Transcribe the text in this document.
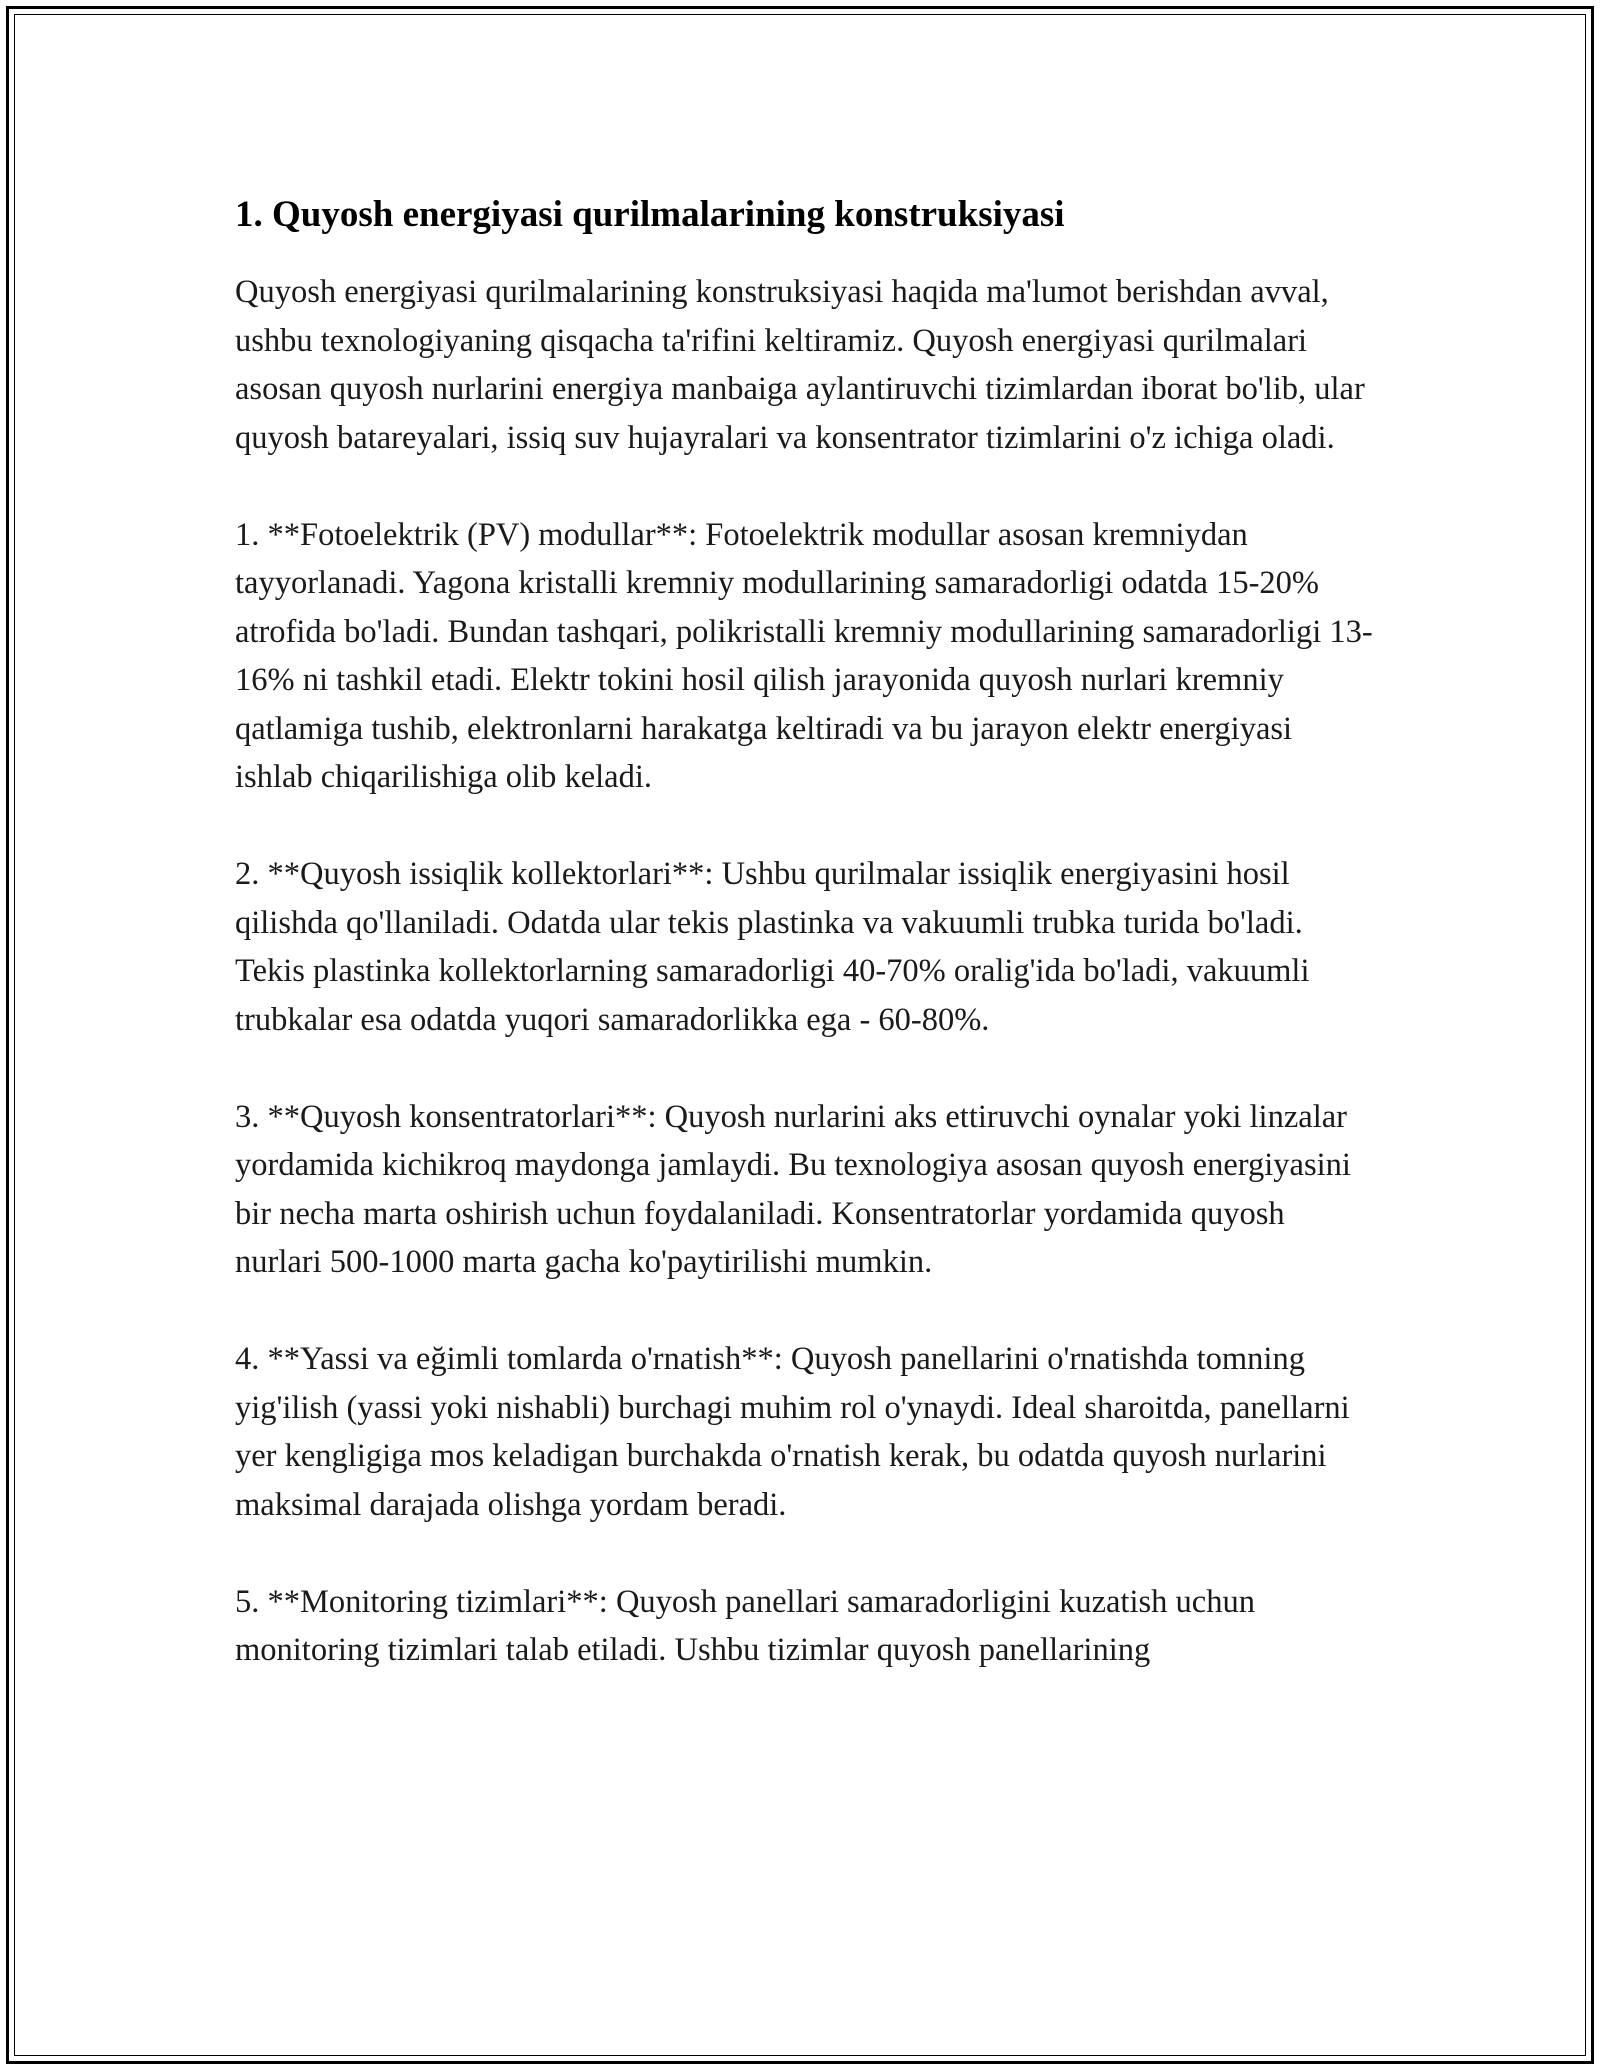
1. Quyosh energiyasi qurilmalarining konstruksiyasi

Quyosh energiyasi qurilmalarining konstruksiyasi haqida ma'lumot berishdan avval, ushbu texnologiyaning qisqacha ta'rifini keltiramiz. Quyosh energiyasi qurilmalari asosan quyosh nurlarini energiya manbaiga aylantiruvchi tizimlardan iborat bo'lib, ular quyosh batareyalari, issiq suv hujayralari va konsentrator tizimlarini o'z ichiga oladi.

1. **Fotoelektrik (PV) modullar**: Fotoelektrik modullar asosan kremniydan tayyorlanadi. Yagona kristalli kremniy modullarining samaradorligi odatda 15-20% atrofida bo'ladi. Bundan tashqari, polikristalli kremniy modullarining samaradorligi 13-16% ni tashkil etadi. Elektr tokini hosil qilish jarayonida quyosh nurlari kremniy qatlamiga tushib, elektronlarni harakatga keltiradi va bu jarayon elektr energiyasi ishlab chiqarilishiga olib keladi.

2. **Quyosh issiqlik kollektorlari**: Ushbu qurilmalar issiqlik energiyasini hosil qilishda qo'llaniladi. Odatda ular tekis plastinka va vakuumli trubka turida bo'ladi. Tekis plastinka kollektorlarning samaradorligi 40-70% oralig'ida bo'ladi, vakuumli trubkalar esa odatda yuqori samaradorlikka ega - 60-80%.

3. **Quyosh konsentratorlari**: Quyosh nurlarini aks ettiruvchi oynalar yoki linzalar yordamida kichikroq maydonga jamlaydi. Bu texnologiya asosan quyosh energiyasini bir necha marta oshirish uchun foydalaniladi. Konsentratorlar yordamida quyosh nurlari 500-1000 marta gacha ko'paytirilishi mumkin.

4. **Yassi va eğimli tomlarda o'rnatish**: Quyosh panellarini o'rnatishda tomning yig'ilish (yassi yoki nishabli) burchagi muhim rol o'ynaydi. Ideal sharoitda, panellarni yer kengligiga mos keladigan burchakda o'rnatish kerak, bu odatda quyosh nurlarini maksimal darajada olishga yordam beradi.

5. **Monitoring tizimlari**: Quyosh panellari samaradorligini kuzatish uchun monitoring tizimlari talab etiladi. Ushbu tizimlar quyosh panellarining
